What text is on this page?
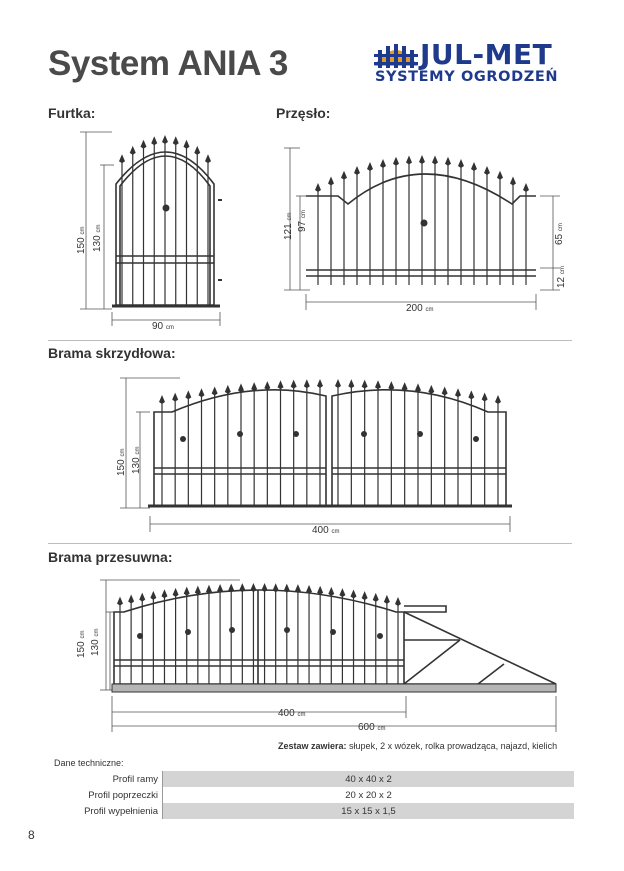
System ANIA 3	JUL-MET
SYSTEMY OGRODZEŃ
Furtka:	Przęsło:
Brama skrzydłowa:
Brama przesuwna:
150 cm
130 cm
90 cm
121 cm
97 cm
65 cm
12 cm
200 cm
150 cm
130 cm
400 cm
150 cm
130 cm
400 cm
600 cm
Zestaw zawiera: słupek, 2 x wózek, rolka prowadząca, najazd, kielich
Dane techniczne:
Profil ramy	40 x 40 x 2
Profil poprzeczki	20 x 20 x 2
Profil wypełnienia	15 x 15 x 1,5
8
